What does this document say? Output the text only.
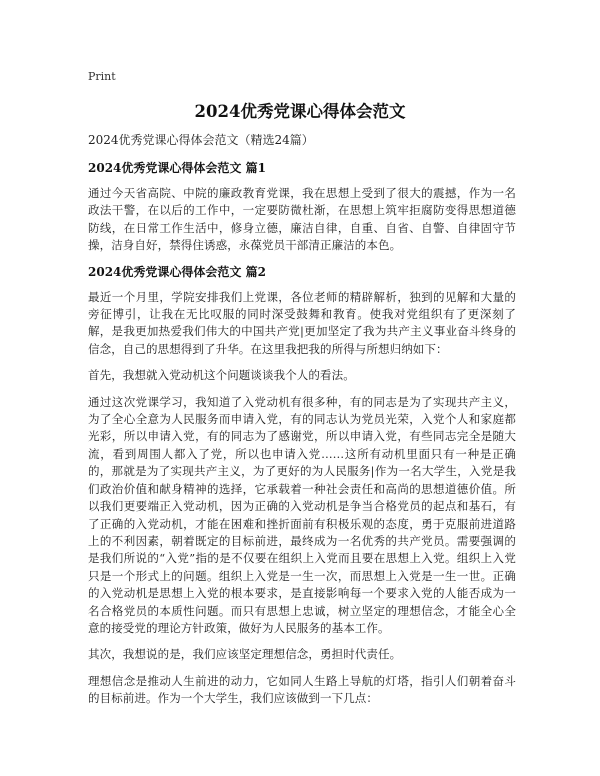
Print
2024优秀党课心得体会范文
2024优秀党课心得体会范文（精选24篇）
2024优秀党课心得体会范文 篇1

通过今天省高院、中院的廉政教育党课，我在思想上受到了很大的震撼，作为一名政法干警，在以后的工作中，一定要防微杜渐，在思想上筑牢拒腐防变得思想道德防线，在日常工作生活中，修身立德，廉洁自律，自重、自省、自警、自律固守节操，洁身自好，禁得住诱惑，永葆党员干部清正廉洁的本色。

2024优秀党课心得体会范文 篇2

最近一个月里，学院安排我们上党课，各位老师的精辟解析，独到的见解和大量的旁征博引，让我在无比叹服的同时深受鼓舞和教育。使我对党组织有了更深刻了解，是我更加热爱我们伟大的中国共产党|更加坚定了我为共产主义事业奋斗终身的信念，自己的思想得到了升华。在这里我把我的所得与所想归纳如下：

首先，我想就入党动机这个问题谈谈我个人的看法。

通过这次党课学习，我知道了入党动机有很多种，有的同志是为了实现共产主义，为了全心全意为人民服务而申请入党，有的同志认为党员光荣，入党个人和家庭都光彩，所以申请入党，有的同志为了感谢党，所以申请入党，有些同志完全是随大流，看到周围人都入了党，所以也申请入党……这所有动机里面只有一种是正确的，那就是为了实现共产主义，为了更好的为人民服务|作为一名大学生，入党是我们政治价值和献身精神的选择，它承载着一种社会责任和高尚的思想道德价值。所以我们更要端正入党动机，因为正确的入党动机是争当合格党员的起点和基石，有了正确的入党动机，才能在困难和挫折面前有积极乐观的态度，勇于克服前进道路上的不利因素，朝着既定的目标前进，最终成为一名优秀的共产党员。需要强调的是我们所说的“入党”指的是不仅要在组织上入党而且要在思想上入党。组织上入党只是一个形式上的问题。组织上入党是一生一次，而思想上入党是一生一世。正确的入党动机是思想上入党的根本要求，是直接影响每一个要求入党的人能否成为一名合格党员的本质性问题。而只有思想上忠诚，树立坚定的理想信念，才能全心全意的接受党的理论方针政策，做好为人民服务的基本工作。

其次，我想说的是，我们应该坚定理想信念，勇担时代责任。

理想信念是推动人生前进的动力，它如同人生路上导航的灯塔，指引人们朝着奋斗的目标前进。作为一个大学生，我们应该做到一下几点：
